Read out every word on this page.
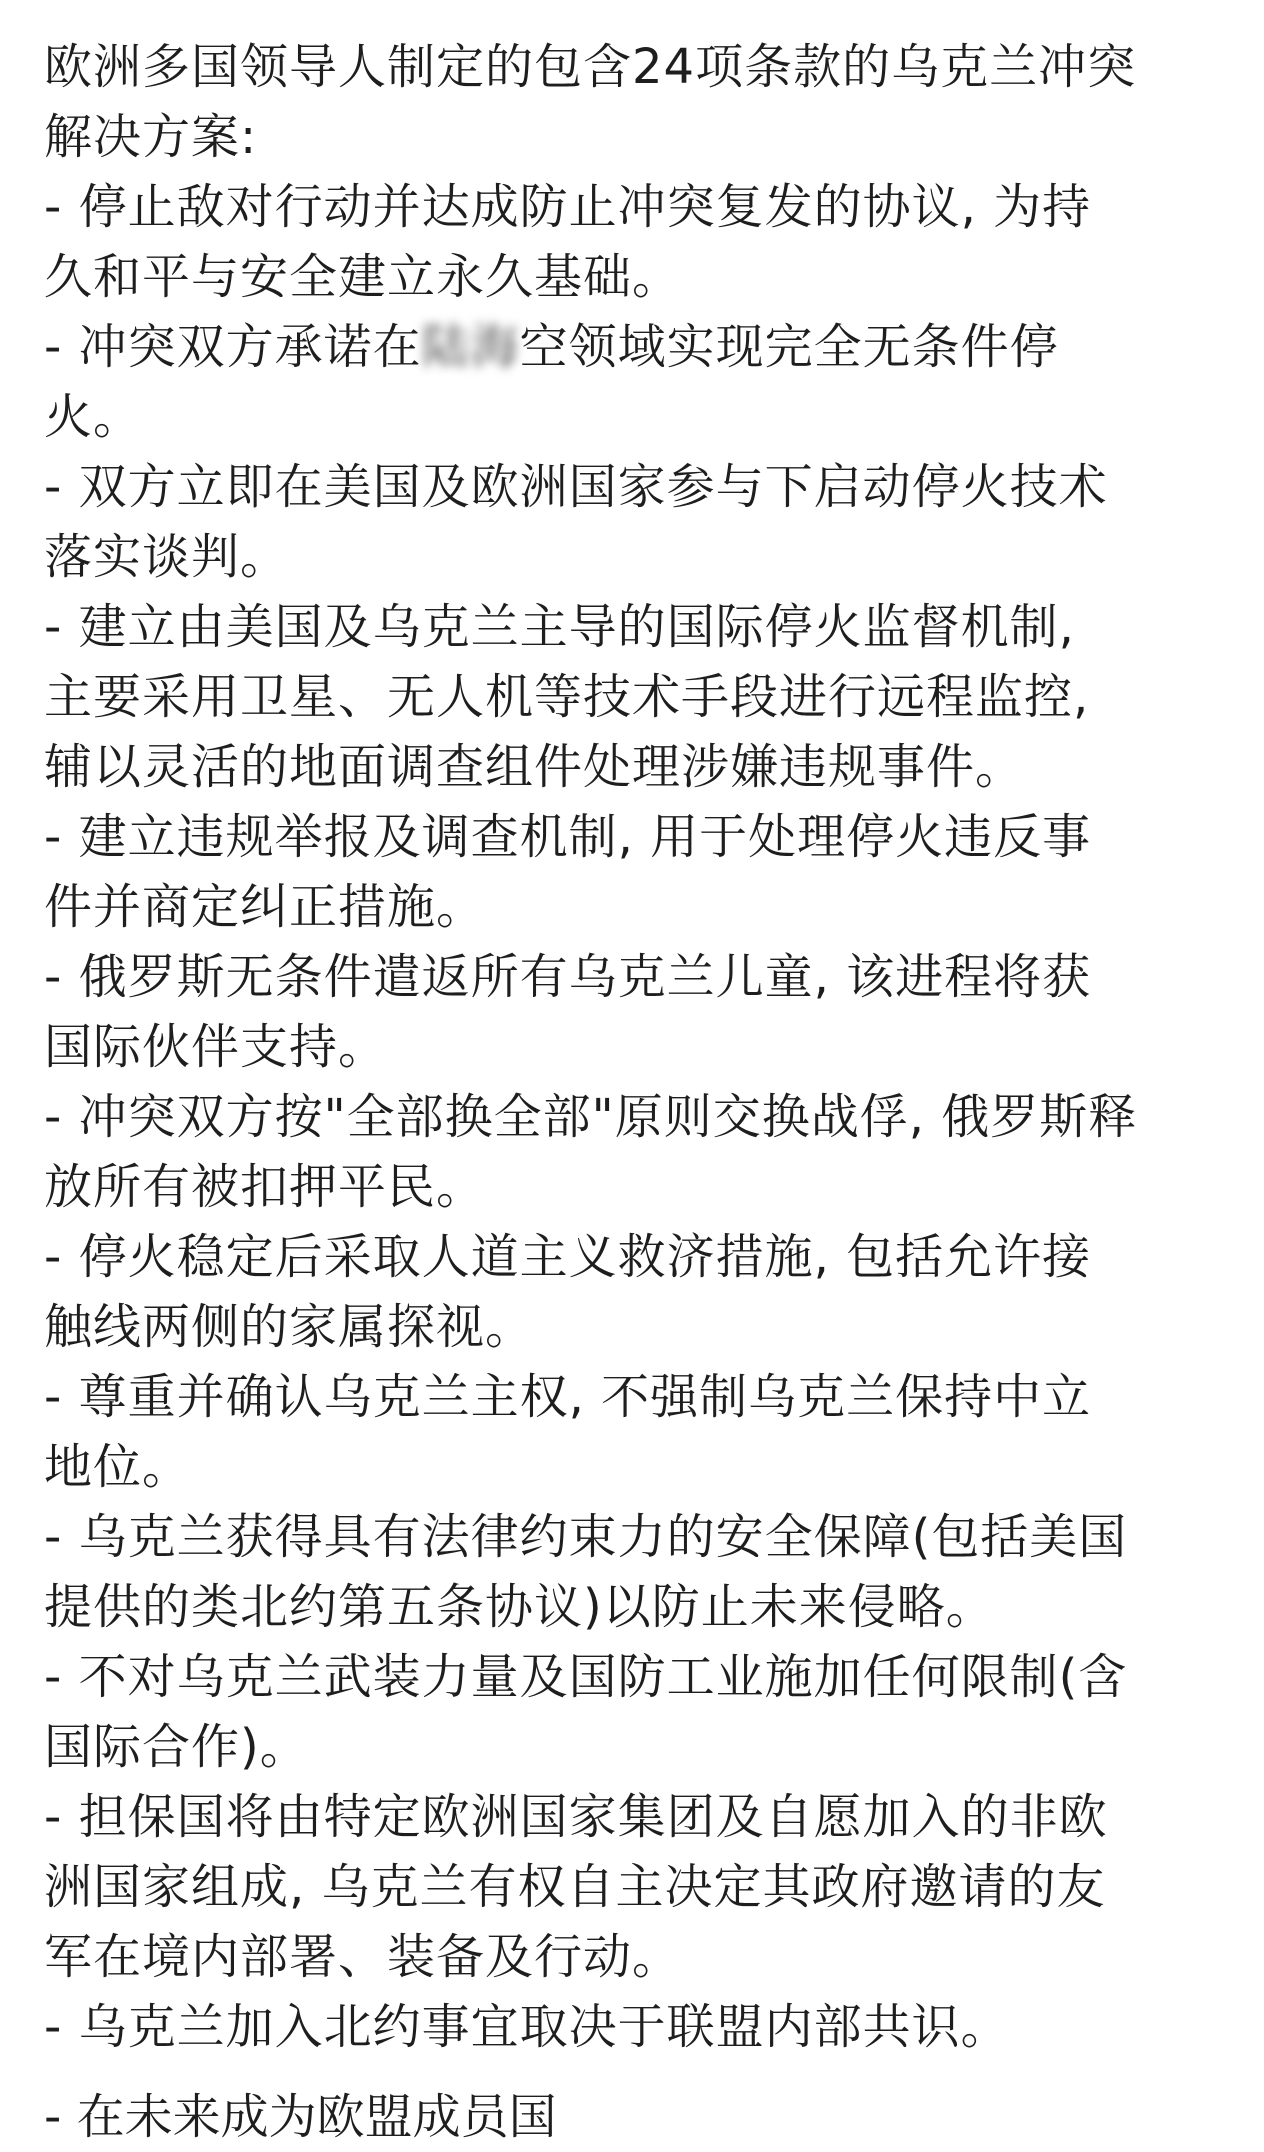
欧洲多国领导人制定的包含24项条款的乌克兰冲突
解决方案:

- 停止敌对行动并达成防止冲突复发的协议, 为持
久和平与安全建立永久基础。

- 冲突双方承诺在陆海空领域实现完全无条件停
火。

- 双方立即在美国及欧洲国家参与下启动停火技术
落实谈判。

- 建立由美国及乌克兰主导的国际停火监督机制,
主要采用卫星、无人机等技术手段进行远程监控,
辅以灵活的地面调查组件处理涉嫌违规事件。

- 建立违规举报及调查机制, 用于处理停火违反事
件并商定纠正措施。

- 俄罗斯无条件遣返所有乌克兰儿童, 该进程将获
国际伙伴支持。

- 冲突双方按"全部换全部"原则交换战俘, 俄罗斯释
放所有被扣押平民。

- 停火稳定后采取人道主义救济措施, 包括允许接
触线两侧的家属探视。

- 尊重并确认乌克兰主权, 不强制乌克兰保持中立
地位。

- 乌克兰获得具有法律约束力的安全保障(包括美国
提供的类北约第五条协议)以防止未来侵略。

- 不对乌克兰武装力量及国防工业施加任何限制(含
国际合作)。

- 担保国将由特定欧洲国家集团及自愿加入的非欧
洲国家组成, 乌克兰有权自主决定其政府邀请的友
军在境内部署、装备及行动。

- 乌克兰加入北约事宜取决于联盟内部共识。

- 在未来成为欧盟成员国
